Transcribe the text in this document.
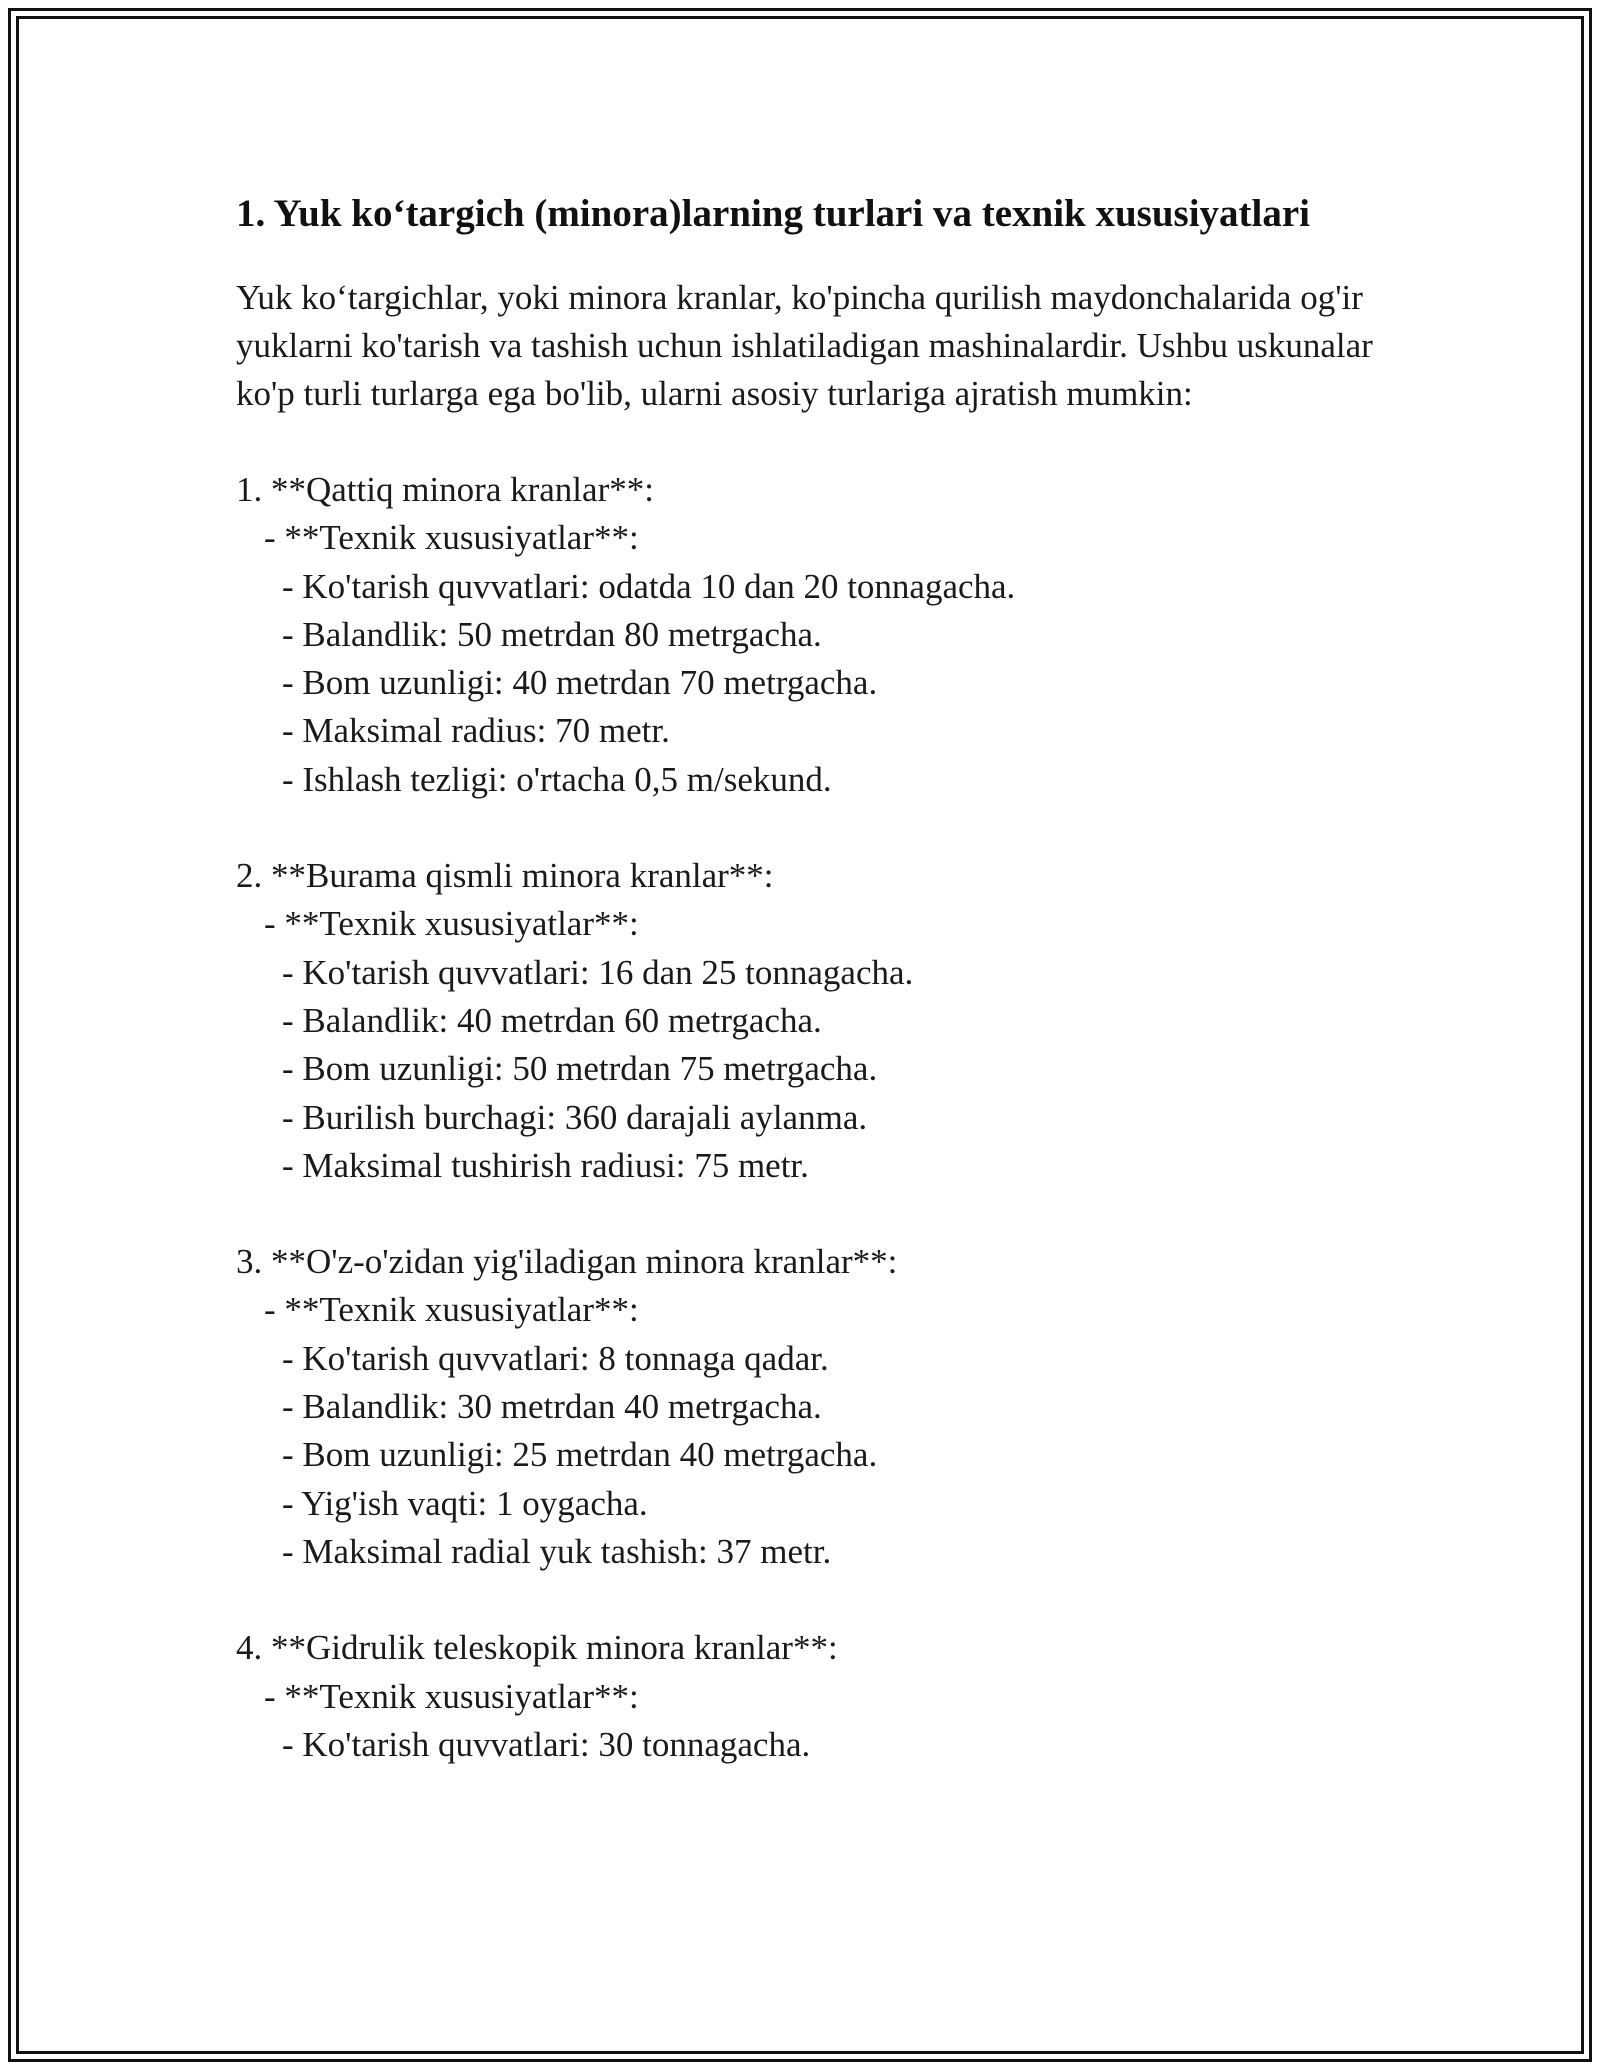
1. Yuk ko‘targich (minora)larning turlari va texnik xususiyatlari

Yuk ko‘targichlar, yoki minora kranlar, ko'pincha qurilish maydonchalarida og'ir yuklarni ko'tarish va tashish uchun ishlatiladigan mashinalardir. Ushbu uskunalar ko'p turli turlarga ega bo'lib, ularni asosiy turlariga ajratish mumkin:

1. **Qattiq minora kranlar**:
- **Texnik xususiyatlar**:
- Ko'tarish quvvatlari: odatda 10 dan 20 tonnagacha.
- Balandlik: 50 metrdan 80 metrgacha.
- Bom uzunligi: 40 metrdan 70 metrgacha.
- Maksimal radius: 70 metr.
- Ishlash tezligi: o'rtacha 0,5 m/sekund.
2. **Burama qismli minora kranlar**:
- **Texnik xususiyatlar**:
- Ko'tarish quvvatlari: 16 dan 25 tonnagacha.
- Balandlik: 40 metrdan 60 metrgacha.
- Bom uzunligi: 50 metrdan 75 metrgacha.
- Burilish burchagi: 360 darajali aylanma.
- Maksimal tushirish radiusi: 75 metr.
3. **O'z-o'zidan yig'iladigan minora kranlar**:
- **Texnik xususiyatlar**:
- Ko'tarish quvvatlari: 8 tonnaga qadar.
- Balandlik: 30 metrdan 40 metrgacha.
- Bom uzunligi: 25 metrdan 40 metrgacha.
- Yig'ish vaqti: 1 oygacha.
- Maksimal radial yuk tashish: 37 metr.
4. **Gidrulik teleskopik minora kranlar**:
- **Texnik xususiyatlar**:
- Ko'tarish quvvatlari: 30 tonnagacha.
